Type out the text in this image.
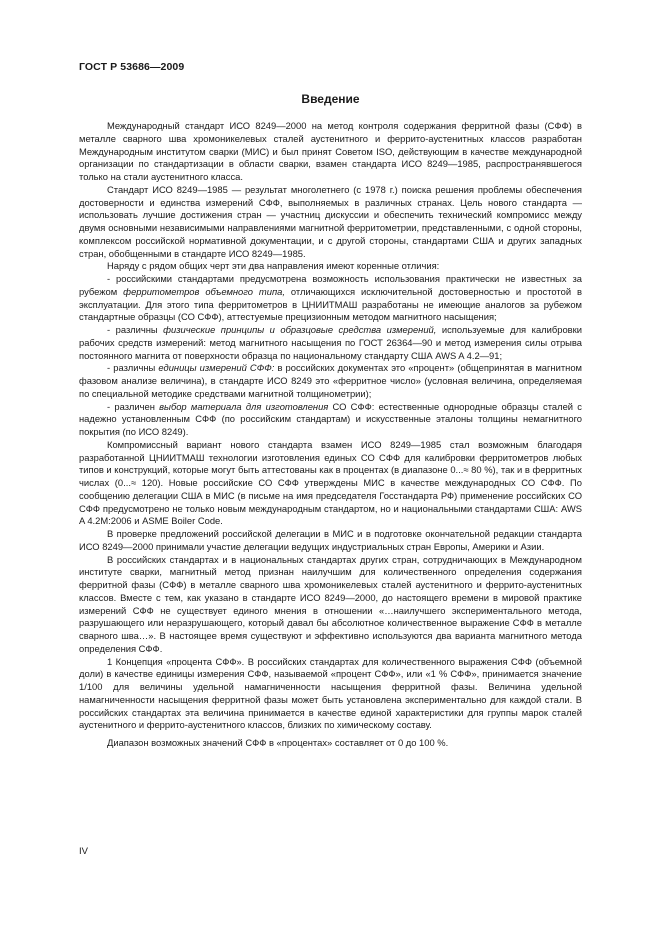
ГОСТ Р 53686—2009
Введение

Международный стандарт ИСО 8249—2000 на метод контроля содержания ферритной фазы (СФФ) в металле сварного шва хромоникелевых сталей аустенитного и феррито-аустенитных классов разработан Международным институтом сварки (МИС) и был принят Советом ISO, действующим в качестве международной организации по стандартизации в области сварки, взамен стандарта ИСО 8249—1985, распространявшегося только на стали аустенитного класса.

Стандарт ИСО 8249—1985 — результат многолетнего (с 1978 г.) поиска решения проблемы обеспечения достоверности и единства измерений СФФ, выполняемых в различных странах. Цель нового стандарта — использовать лучшие достижения стран — участниц дискуссии и обеспечить технический компромисс между двумя основными независимыми направлениями магнитной ферритометрии, представленными, с одной стороны, комплексом российской нормативной документации, и с другой стороны, стандартами США и других западных стран, обобщенными в стандарте ИСО 8249—1985.

Наряду с рядом общих черт эти два направления имеют коренные отличия:

- российскими стандартами предусмотрена возможность использования практически не известных за рубежом ферритометров объемного типа, отличающихся исключительной достоверностью и простотой в эксплуатации. Для этого типа ферритометров в ЦНИИТМАШ разработаны не имеющие аналогов за рубежом стандартные образцы (СО СФФ), аттестуемые прецизионным методом магнитного насыщения;

- различны физические принципы и образцовые средства измерений, используемые для калибровки рабочих средств измерений: метод магнитного насыщения по ГОСТ 26364—90 и метод измерения силы отрыва постоянного магнита от поверхности образца по национальному стандарту США AWS A 4.2—91;

- различны единицы измерений СФФ: в российских документах это «процент» (общепринятая в магнитном фазовом анализе величина), в стандарте ИСО 8249 это «ферритное число» (условная величина, определяемая по специальной методике средствами магнитной толщинометрии);

- различен выбор материала для изготовления СО СФФ: естественные однородные образцы сталей с надежно установленным СФФ (по российским стандартам) и искусственные эталоны толщины немагнитного покрытия (по ИСО 8249).

Компромиссный вариант нового стандарта взамен ИСО 8249—1985 стал возможным благодаря разработанной ЦНИИТМАШ технологии изготовления единых СО СФФ для калибровки ферритометров любых типов и конструкций, которые могут быть аттестованы как в процентах (в диапазоне 0...≈ 80 %), так и в ферритных числах (0...≈ 120). Новые российские СО СФФ утверждены МИС в качестве международных СО СФФ. По сообщению делегации США в МИС (в письме на имя председателя Госстандарта РФ) применение российских СО СФФ предусмотрено не только новым международным стандартом, но и национальными стандартами США: AWS A 4.2M:2006 и ASME Boiler Code.

В проверке предложений российской делегации в МИС и в подготовке окончательной редакции стандарта ИСО 8249—2000 принимали участие делегации ведущих индустриальных стран Европы, Америки и Азии.

В российских стандартах и в национальных стандартах других стран, сотрудничающих в Международном институте сварки, магнитный метод признан наилучшим для количественного определения содержания ферритной фазы (СФФ) в металле сварного шва хромоникелевых сталей аустенитного и феррито-аустенитных классов. Вместе с тем, как указано в стандарте ИСО 8249—2000, до настоящего времени в мировой практике измерений СФФ не существует единого мнения в отношении «…наилучшего экспериментального метода, разрушающего или неразрушающего, который давал бы абсолютное количественное выражение СФФ в металле сварного шва…». В настоящее время существуют и эффективно используются два варианта магнитного метода определения СФФ.

1 Концепция «процента СФФ». В российских стандартах для количественного выражения СФФ (объемной доли) в качестве единицы измерения СФФ, называемой «процент СФФ», или «1 % СФФ», принимается значение 1/100 для величины удельной намагниченности насыщения ферритной фазы. Величина удельной намагниченности насыщения ферритной фазы может быть установлена экспериментально для каждой стали. В российских стандартах эта величина принимается в качестве единой характеристики для группы марок сталей аустенитного и феррито-аустенитного классов, близких по химическому составу.

Диапазон возможных значений СФФ в «процентах» составляет от 0 до 100 %.

IV
